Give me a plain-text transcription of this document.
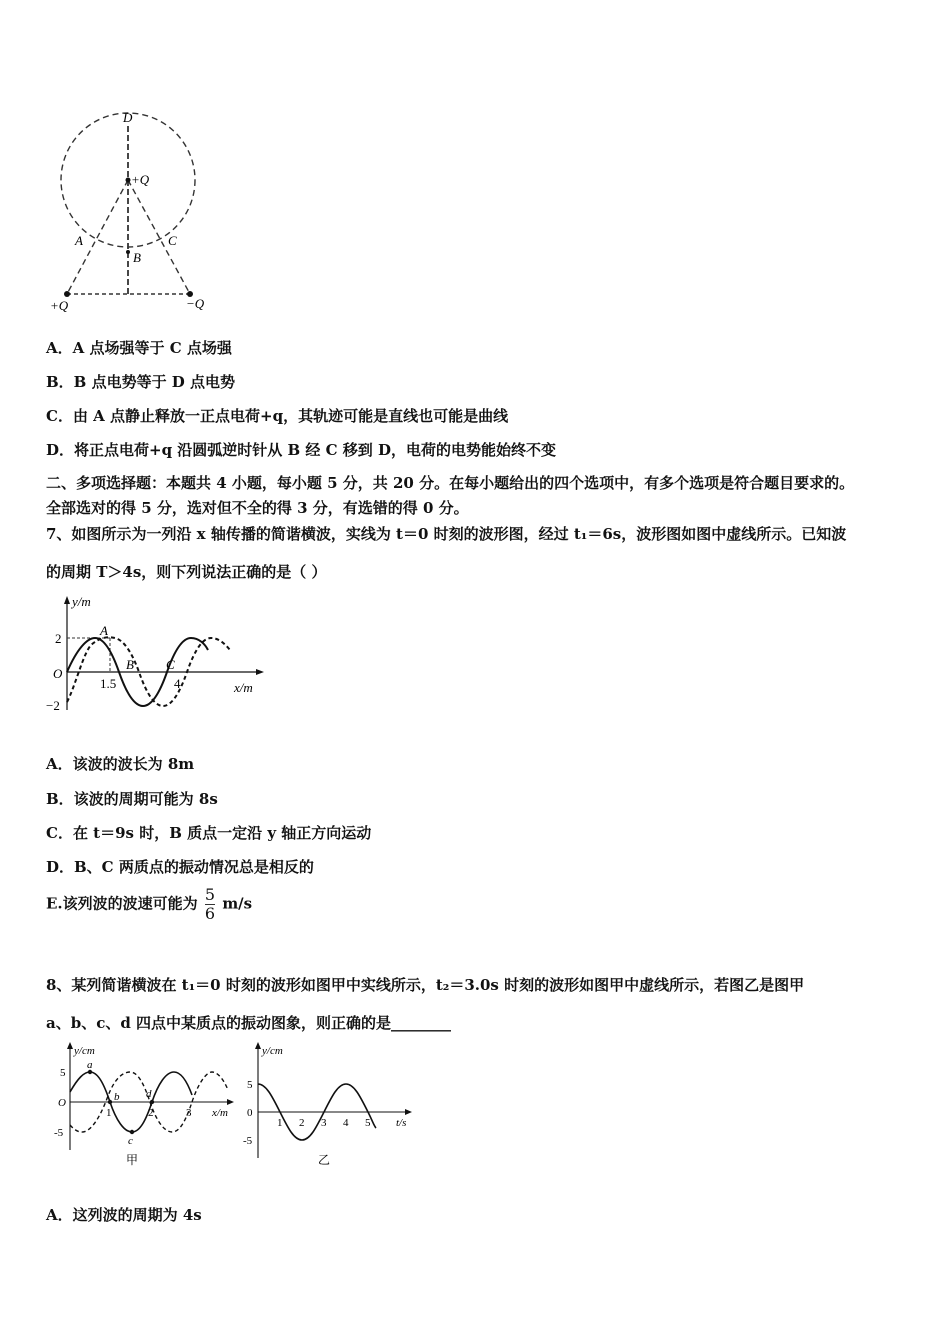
D
+Q
A
B
C
+Q	−Q
A．A 点场强等于 C 点场强
B．B 点电势等于 D 点电势
C．由 A 点静止释放一正点电荷+q，其轨迹可能是直线也可能是曲线
D．将正点电荷+q 沿圆弧逆时针从 B 经 C 移到 D，电荷的电势能始终不变
二、多项选择题：本题共 4 小题，每小题 5 分，共 20 分。在每小题给出的四个选项中，有多个选项是符合题目要求的。
全部选对的得 5 分，选对但不全的得 3 分，有选错的得 0 分。
7、如图所示为一列沿 x 轴传播的简谐横波，实线为 t＝0 时刻的波形图，经过 t₁＝6s，波形图如图中虚线所示。已知波
的周期 T＞4s，则下列说法正确的是（ ）
y/m
x/m
2
−2
O
1.5	4
A
B C
A．该波的波长为 8m
B．该波的周期可能为 8s
C．在 t＝9s 时，B 质点一定沿 y 轴正方向运动
D．B、C 两质点的振动情况总是相反的
E.该列波的波速可能为 $\frac{5}{6} m/s$
8、某列简谐横波在 t₁＝0 时刻的波形如图甲中实线所示，t₂＝3.0s 时刻的波形如图甲中虚线所示，若图乙是图甲
a、b、c、d 四点中某质点的振动图象，则正确的是________
y/cm
x/m
5
-5
O
1	2	3
a
b
c
d
甲
y/cm
t/s
5
-5
0
1 2 3 4 5
乙
A．这列波的周期为 4s
